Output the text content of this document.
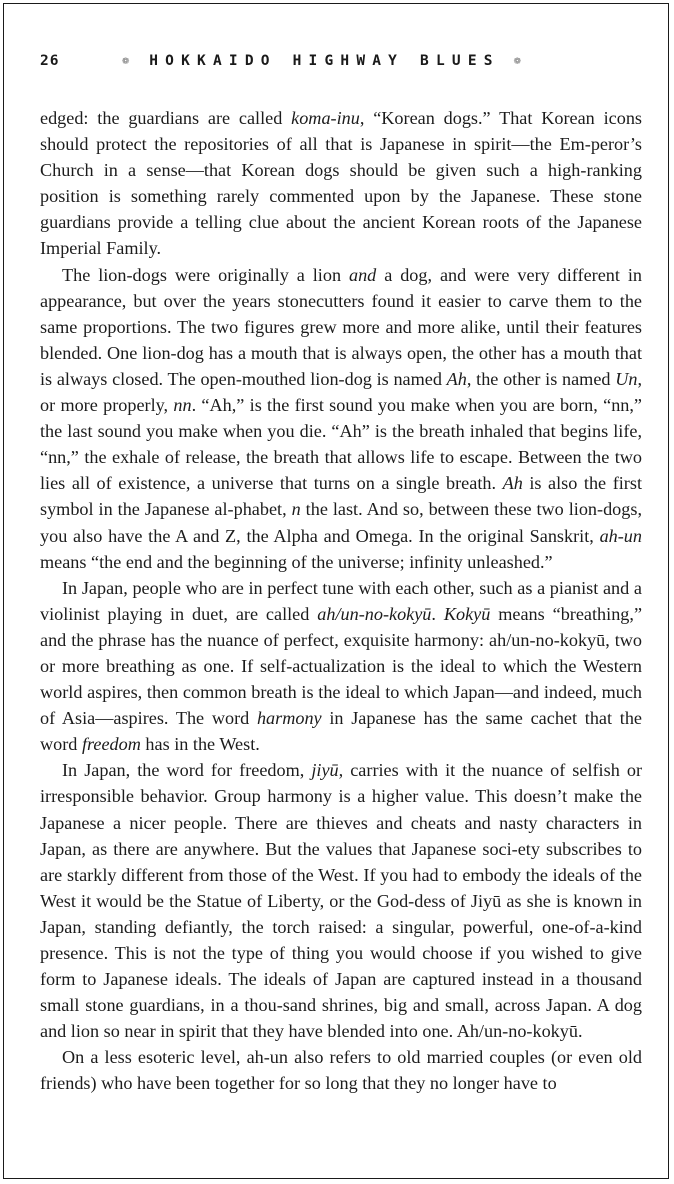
26	❁ HOKKAIDO HIGHWAY BLUES ❁

edged: the guardians are called koma-inu, “Korean dogs.” That Korean icons should protect the repositories of all that is Japanese in spirit—the Em-peror’s Church in a sense—that Korean dogs should be given such a high-ranking position is something rarely commented upon by the Japanese. These stone guardians provide a telling clue about the ancient Korean roots of the Japanese Imperial Family.

The lion-dogs were originally a lion and a dog, and were very different in appearance, but over the years stonecutters found it easier to carve them to the same proportions. The two figures grew more and more alike, until their features blended. One lion-dog has a mouth that is always open, the other has a mouth that is always closed. The open-mouthed lion-dog is named Ah, the other is named Un, or more properly, nn. “Ah,” is the first sound you make when you are born, “nn,” the last sound you make when you die. “Ah” is the breath inhaled that begins life, “nn,” the exhale of release, the breath that allows life to escape. Between the two lies all of existence, a universe that turns on a single breath. Ah is also the first symbol in the Japanese al-phabet, n the last. And so, between these two lion-dogs, you also have the A and Z, the Alpha and Omega. In the original Sanskrit, ah-un means “the end and the beginning of the universe; infinity unleashed.”

In Japan, people who are in perfect tune with each other, such as a pianist and a violinist playing in duet, are called ah/un-no-kokyū. Kokyū means “breathing,” and the phrase has the nuance of perfect, exquisite harmony: ah/un-no-kokyū, two or more breathing as one. If self-actualization is the ideal to which the Western world aspires, then common breath is the ideal to which Japan—and indeed, much of Asia—aspires. The word harmony in Japanese has the same cachet that the word freedom has in the West.

In Japan, the word for freedom, jiyū, carries with it the nuance of selfish or irresponsible behavior. Group harmony is a higher value. This doesn’t make the Japanese a nicer people. There are thieves and cheats and nasty characters in Japan, as there are anywhere. But the values that Japanese soci-ety subscribes to are starkly different from those of the West. If you had to embody the ideals of the West it would be the Statue of Liberty, or the God-dess of Jiyū as she is known in Japan, standing defiantly, the torch raised: a singular, powerful, one-of-a-kind presence. This is not the type of thing you would choose if you wished to give form to Japanese ideals. The ideals of Japan are captured instead in a thousand small stone guardians, in a thou-sand shrines, big and small, across Japan. A dog and lion so near in spirit that they have blended into one. Ah/un-no-kokyū.

On a less esoteric level, ah-un also refers to old married couples (or even old friends) who have been together for so long that they no longer have to
